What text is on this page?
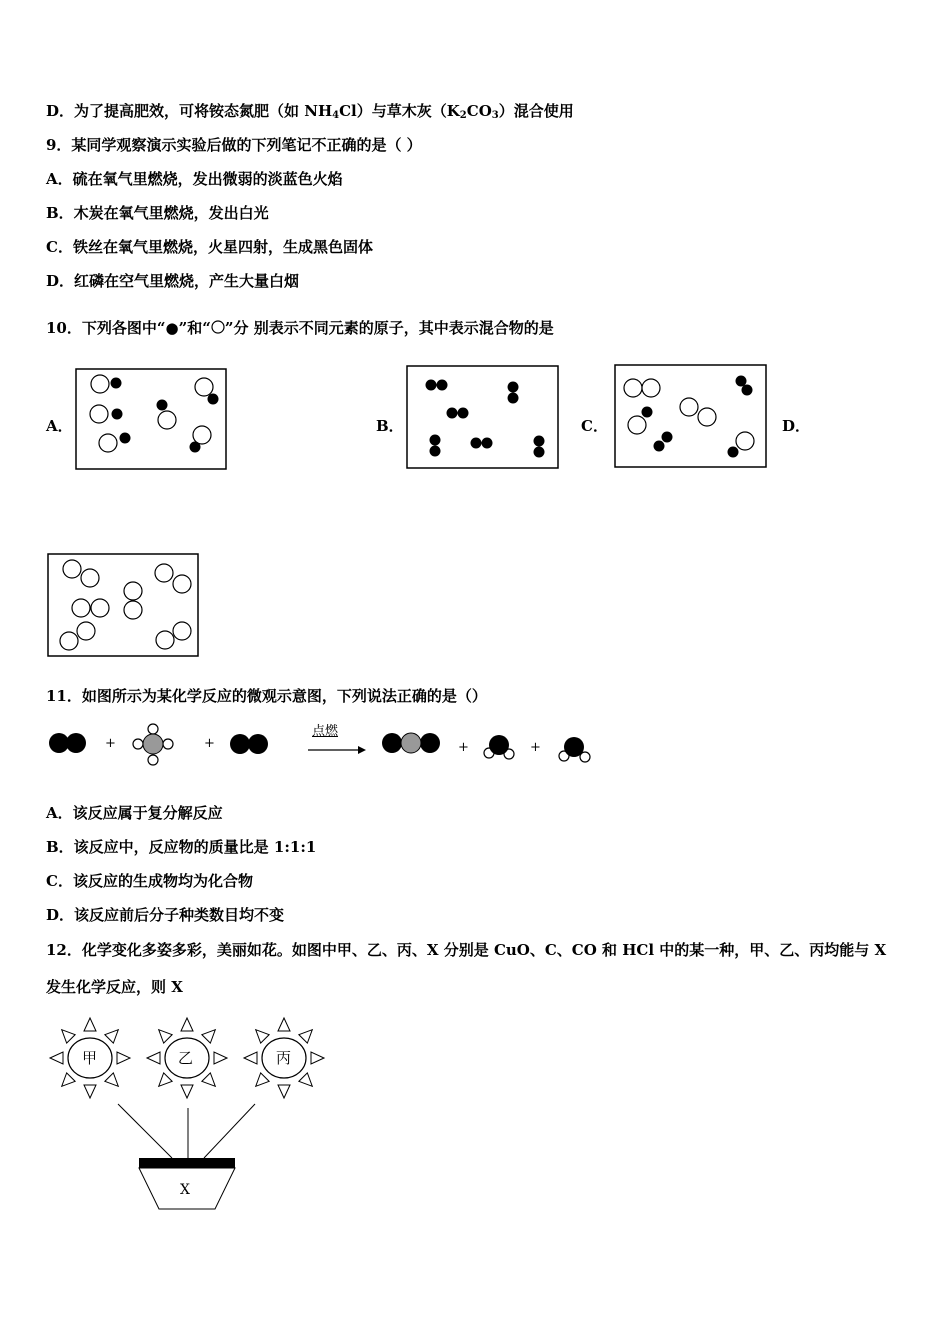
D．为了提高肥效，可将铵态氮肥（如 $NH_4Cl$）与草木灰$(K_2CO_3)$混合使用
9．某同学观察演示实验后做的下列笔记不正确的是（ ）
A．硫在氧气里燃烧，发出微弱的淡蓝色火焰
B．木炭在氧气里燃烧，发出白光
C．铁丝在氧气里燃烧，火星四射，生成黑色固体
D．红磷在空气里燃烧，产生大量白烟
10．下列各图中“●”和“ ”分 别表示不同元素的原子，其中表示混合物的是
A．	B．	C．	D．
11．如图所示为某化学反应的微观示意图，下列说法正确的是（）
+	+	+	+
点燃
A．该反应属于复分解反应
B．该反应中，反应物的质量比是 1:1:1
C．该反应的生成物均为化合物
D．该反应前后分子种类数目均不变
12．化学变化多姿多彩，美丽如花。如图中甲、乙、丙、X 分别是 CuO、C、CO 和 HCl 中的某一种，甲、乙、丙均能与 X
发生化学反应，则 X
甲	乙	丙
X
